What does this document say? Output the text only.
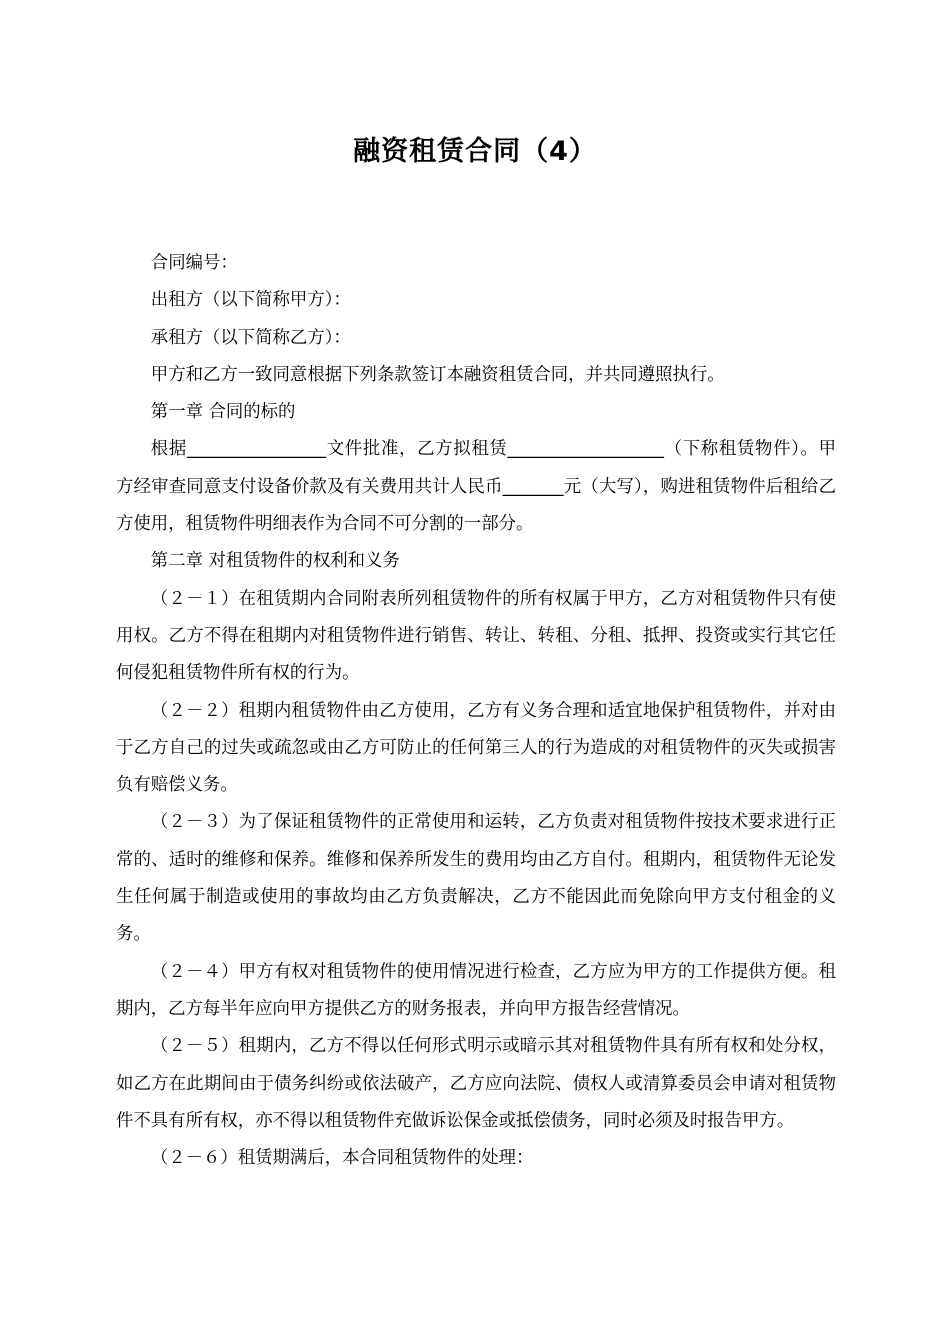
融资租赁合同（4）

合同编号：

出租方（以下简称甲方）：

承租方（以下简称乙方）：

甲方和乙方一致同意根据下列条款签订本融资租赁合同，并共同遵照执行。

第一章 合同的标的

根据________________文件批准，乙方拟租赁__________________（下称租赁物件）。甲方经审查同意支付设备价款及有关费用共计人民币_______元（大写），购进租赁物件后租给乙方使用，租赁物件明细表作为合同不可分割的一部分。

第二章 对租赁物件的权利和义务

（２－１）在租赁期内合同附表所列租赁物件的所有权属于甲方，乙方对租赁物件只有使用权。乙方不得在租期内对租赁物件进行销售、转让、转租、分租、抵押、投资或实行其它任何侵犯租赁物件所有权的行为。

（２－２）租期内租赁物件由乙方使用，乙方有义务合理和适宜地保护租赁物件，并对由于乙方自己的过失或疏忽或由乙方可防止的任何第三人的行为造成的对租赁物件的灭失或损害负有赔偿义务。

（２－３）为了保证租赁物件的正常使用和运转，乙方负责对租赁物件按技术要求进行正常的、适时的维修和保养。维修和保养所发生的费用均由乙方自付。租期内，租赁物件无论发生任何属于制造或使用的事故均由乙方负责解决，乙方不能因此而免除向甲方支付租金的义务。

（２－４）甲方有权对租赁物件的使用情况进行检查，乙方应为甲方的工作提供方便。租期内，乙方每半年应向甲方提供乙方的财务报表，并向甲方报告经营情况。

（２－５）租期内，乙方不得以任何形式明示或暗示其对租赁物件具有所有权和处分权，如乙方在此期间由于债务纠纷或依法破产，乙方应向法院、债权人或清算委员会申请对租赁物件不具有所有权，亦不得以租赁物件充做诉讼保金或抵偿债务，同时必须及时报告甲方。

（２－６）租赁期满后，本合同租赁物件的处理：
